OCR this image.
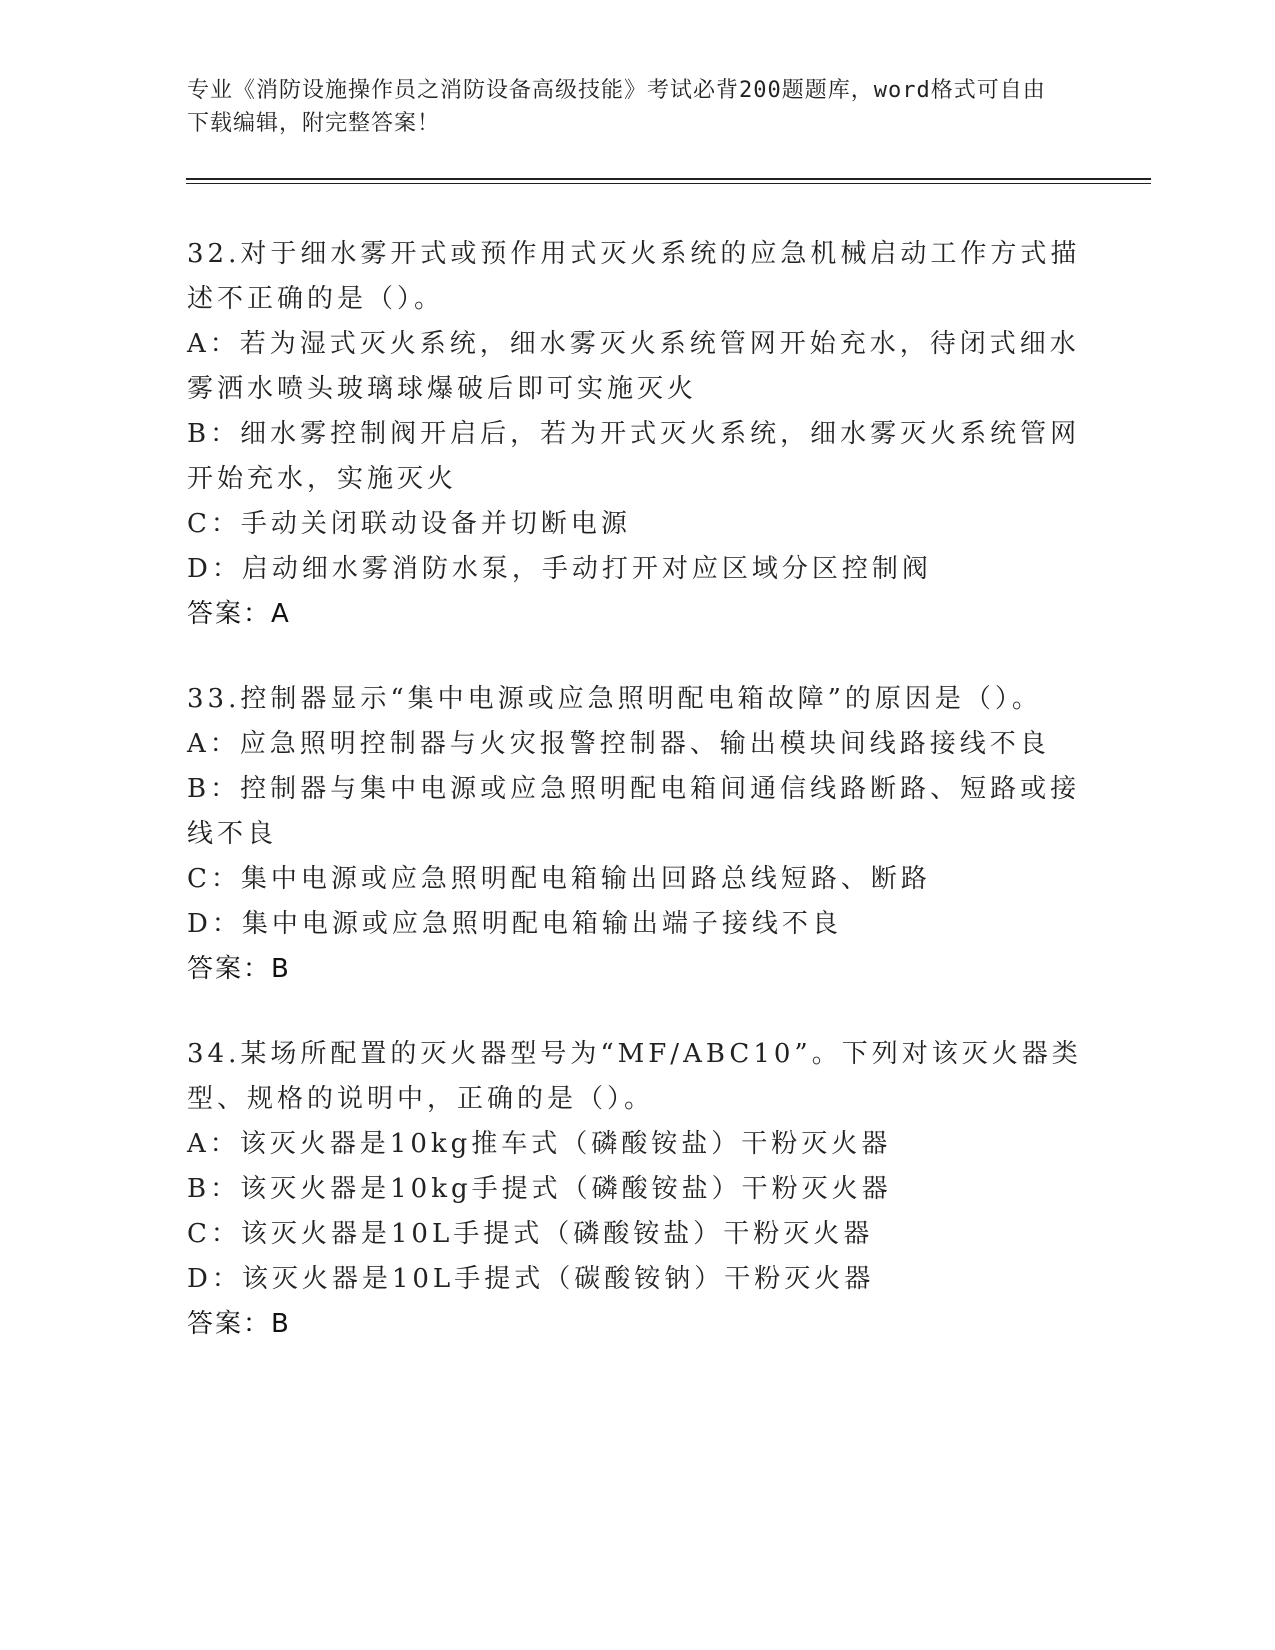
专业《消防设施操作员之消防设备高级技能》考试必背200题题库，word格式可自由下载编辑，附完整答案！
32.对于细水雾开式或预作用式灭火系统的应急机械启动工作方式描述不正确的是（）。
A：若为湿式灭火系统，细水雾灭火系统管网开始充水，待闭式细水雾洒水喷头玻璃球爆破后即可实施灭火
B：细水雾控制阀开启后，若为开式灭火系统，细水雾灭火系统管网开始充水，实施灭火
C：手动关闭联动设备并切断电源
D：启动细水雾消防水泵，手动打开对应区域分区控制阀
答案：A
33.控制器显示“集中电源或应急照明配电箱故障”的原因是（）。
A：应急照明控制器与火灾报警控制器、输出模块间线路接线不良
B：控制器与集中电源或应急照明配电箱间通信线路断路、短路或接线不良
C：集中电源或应急照明配电箱输出回路总线短路、断路
D：集中电源或应急照明配电箱输出端子接线不良
答案：B
34.某场所配置的灭火器型号为“MF/ABC10”。下列对该灭火器类型、规格的说明中，正确的是（）。
A：该灭火器是10kg推车式（磷酸铵盐）干粉灭火器
B：该灭火器是10kg手提式（磷酸铵盐）干粉灭火器
C：该灭火器是10L手提式（磷酸铵盐）干粉灭火器
D：该灭火器是10L手提式（碳酸铵钠）干粉灭火器
答案：B
